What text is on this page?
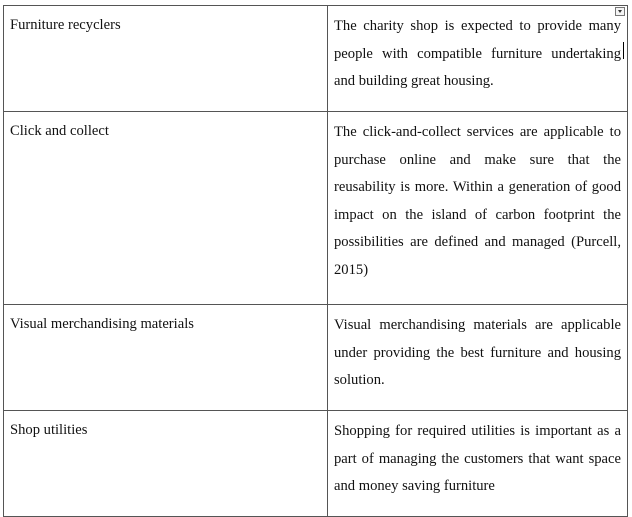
Furniture recyclers	The charity shop is expected to provide many people with compatible furniture undertaking and building great housing.

Click and collect	The click-and-collect services are applicable to purchase online and make sure that the reusability is more. Within a generation of good impact on the island of carbon footprint the possibilities are defined and managed (Purcell, 2015)

Visual merchandising materials	Visual merchandising materials are applicable under providing the best furniture and housing solution.

Shop utilities	Shopping for required utilities is important as a part of managing the customers that want space and money saving furniture
